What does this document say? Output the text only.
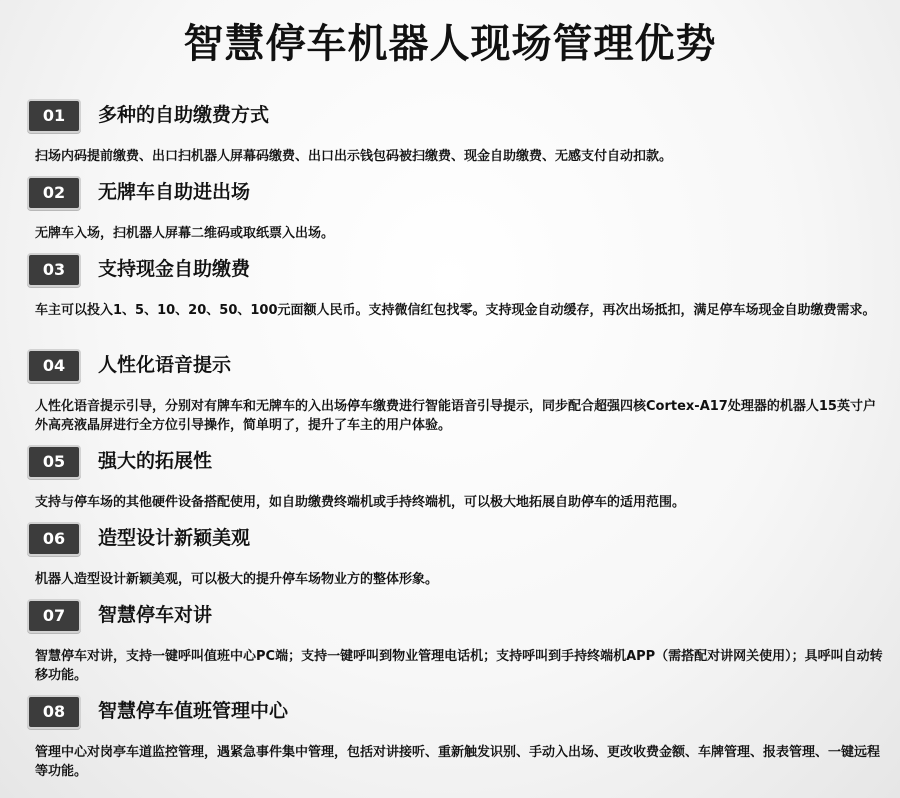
智慧停车机器人现场管理优势
01	多种的自助缴费方式
扫场内码提前缴费、出口扫机器人屏幕码缴费、出口出示钱包码被扫缴费、现金自助缴费、无感支付自动扣款。
02	无牌车自助进出场
无牌车入场，扫机器人屏幕二维码或取纸票入出场。
03	支持现金自助缴费
车主可以投入1、5、10、20、50、100元面额人民币。支持微信红包找零。支持现金自动缓存，再次出场抵扣，满足停车场现金自助缴费需求。
04	人性化语音提示
人性化语音提示引导，分别对有牌车和无牌车的入出场停车缴费进行智能语音引导提示，同步配合超强四核Cortex-A17处理器的机器人15英寸户外高亮液晶屏进行全方位引导操作，简单明了，提升了车主的用户体验。
05	强大的拓展性
支持与停车场的其他硬件设备搭配使用，如自助缴费终端机或手持终端机，可以极大地拓展自助停车的适用范围。
06	造型设计新颖美观
机器人造型设计新颖美观，可以极大的提升停车场物业方的整体形象。
07	智慧停车对讲
智慧停车对讲，支持一键呼叫值班中心PC端；支持一键呼叫到物业管理电话机；支持呼叫到手持终端机APP（需搭配对讲网关使用）；具呼叫自动转移功能。
08	智慧停车值班管理中心
管理中心对岗亭车道监控管理，遇紧急事件集中管理，包括对讲接听、重新触发识别、手动入出场、更改收费金额、车牌管理、报表管理、一键远程等功能。
